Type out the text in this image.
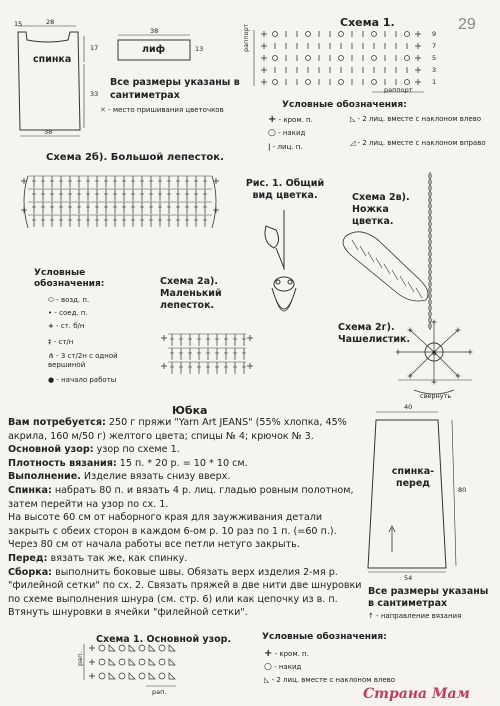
29
15	28
17
33
38
спинка
38
13
лиф
Все размеры указаны в сантиметрах
✕ - место пришивания цветочков
Схема 1.
9
7
5
3
1
раппорт
раппорт
Условные обозначения:
+ - кром. п.
○ - накид
| - лиц. п.
◺ - 2 лиц. вместе с наклоном влево
◿ - 2 лиц. вместе с наклоном вправо
Схема 2б). Большой лепесток.
Рис. 1. Общий вид цветка.	Схема 2в). Ножка цветка.
Условные обозначения:
⬭ - возд. п.
• - соед. п.
+ - ст. б/н
‡ - ст/н
⋔ - 3 ст/2н с одной вершиной
● - начало работы
Схема 2а). Маленький лепесток.
Схема 2г). Чашелистик.
6
свернуть
Юбка

Вам потребуется: 250 г пряжи "Yarn Art JEANS" (55% хлопка, 45% акрила, 160 м/50 г) желтого цвета; спицы № 4; крючок № 3.

Основной узор: узор по схеме 1.

Плотность вязания: 15 п. * 20 р. = 10 * 10 см.

Выполнение. Изделие вязать снизу вверх.

Спинка: набрать 80 п. и вязать 4 р. лиц. гладью ровным полотном, затем перейти на узор по сх. 1.

На высоте 60 см от наборного края для заужживания детали закрыть с обеих сторон в каждом 6-ом р. 10 раз по 1 п. (=60 п.). Через 80 см от начала работы все петли нетуго закрыть.

Перед: вязать так же, как спинку.

Сборка: выполнить боковые швы. Обязать верх изделия 2-мя р. "филейной сетки" по сх. 2. Связать пряжей в две нити две шнуровки по схеме выполнения шнура (см. стр. 6) или как цепочку из в. п. Втянуть шнуровки в ячейки "филейной сетки".

40
80
54
спинка-перед
Все размеры указаны в сантиметрах
↑ - направление вязания
Схема 1. Основной узор.
рап.
рап.
Условные обозначения:
+ - кром. п.
○ - накид
◺ - 2 лиц. вместе с наклоном влево
Страна Мам
